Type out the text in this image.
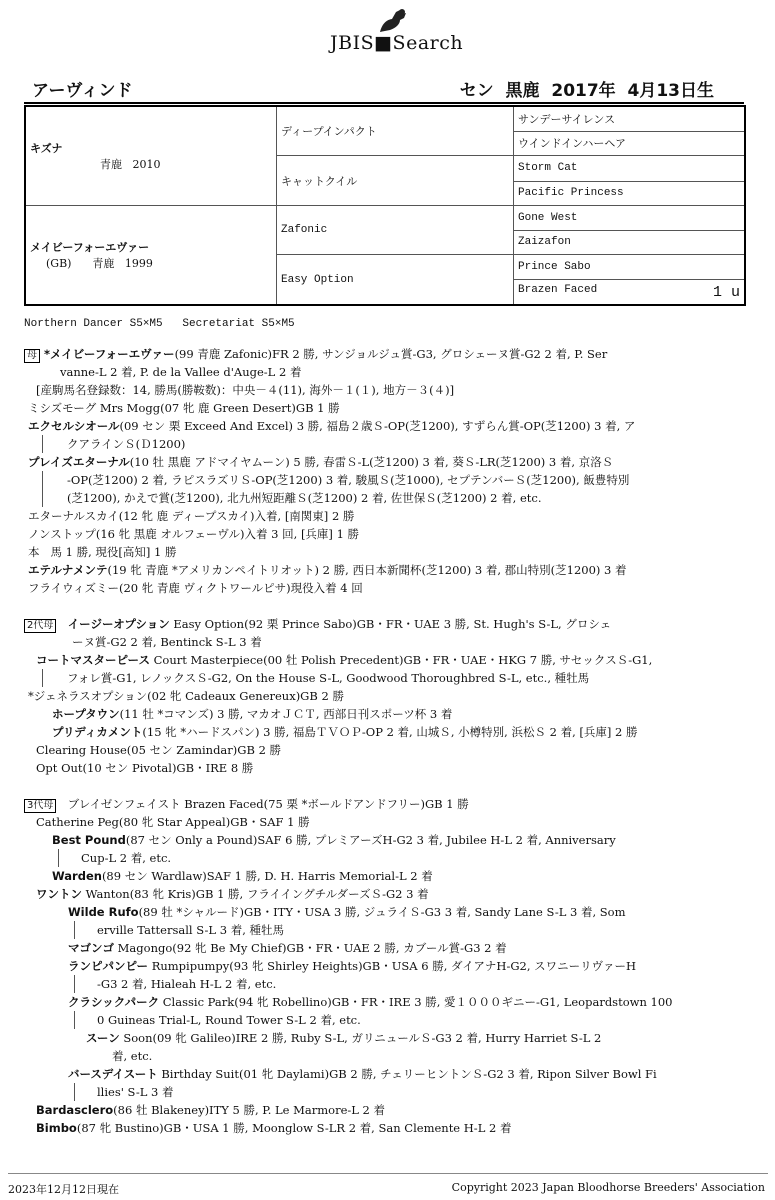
JBIS■Search
アーヴィンド	セン  黒鹿  2017年  4月13日生
キズナ
青鹿   2010	ディープインパクト	サンデーサイレンス
		ウインドインハーヘア
	キャットクイル	Storm Cat
		Pacific Princess

メイビーフォーエヴァー
(GB)      青鹿   1999	Zafonic	Gone West
		Zaizafon
	Easy Option	Prince Sabo
		Brazen Faced 1 u
Northern Dancer S5×M5   Secretariat S5×M5
母 *メイビーフォーエヴァー(99 青鹿 Zafonic)FR 2 勝, サンジョルジュ賞-G3, グロシェーヌ賞-G2 2 着, P. Ser
vanne-L 2 着, P. de la Vallee d'Auge-L 2 着
[産駒馬名登録数：14, 勝馬(勝鞍数)：中央－４(11), 海外－１(１), 地方－３(４)]
ミシズモーグ Mrs Mogg(07 牝 鹿 Green Desert)GB 1 勝
エクセルシオール(09 セン 栗 Exceed And Excel) 3 勝, 福島２歳Ｓ-OP(芝1200), すずらん賞-OP(芝1200) 3 着, ア
クアラインＳ(Ｄ1200)
プレイズエターナル(10 牡 黒鹿 アドマイヤムーン) 5 勝, 春雷Ｓ-L(芝1200) 3 着, 葵Ｓ-LR(芝1200) 3 着, 京洛Ｓ
-OP(芝1200) 2 着, ラピスラズリＳ-OP(芝1200) 3 着, 駿風Ｓ(芝1000), セプテンバーＳ(芝1200), 飯豊特別
(芝1200), かえで賞(芝1200), 北九州短距離Ｓ(芝1200) 2 着, 佐世保Ｓ(芝1200) 2 着, etc.
エターナルスカイ(12 牝 鹿 ディープスカイ)入着, [南関東] 2 勝
ノンストップ(16 牝 黒鹿 オルフェーヴル)入着 3 回, [兵庫] 1 勝
本   馬 1 勝, 現役[高知] 1 勝
エテルナメンテ(19 牝 青鹿 *アメリカンペイトリオット) 2 勝, 西日本新聞杯(芝1200) 3 着, 郡山特別(芝1200) 3 着
フライウィズミー(20 牝 青鹿 ヴィクトワールピサ)現役入着 4 回
2代母 イージーオプション Easy Option(92 栗 Prince Sabo)GB・FR・UAE 3 勝, St. Hugh's S-L, グロシェ
ーヌ賞-G2 2 着, Bentinck S-L 3 着
コートマスターピース Court Masterpiece(00 牡 Polish Precedent)GB・FR・UAE・HKG 7 勝, サセックスＳ-G1,
フォレ賞-G1, レノックスＳ-G2, On the House S-L, Goodwood Thoroughbred S-L, etc., 種牡馬
*ジェネラスオプション(02 牝 Cadeaux Genereux)GB 2 勝
ホープタウン(11 牡 *コマンズ) 3 勝, マカオＪＣＴ, 西部日刊スポーツ杯 3 着
プリディカメント(15 牝 *ハードスパン) 3 勝, 福島ＴＶＯＰ-OP 2 着, 山城Ｓ, 小樽特別, 浜松Ｓ 2 着, [兵庫] 2 勝
Clearing House(05 セン Zamindar)GB 2 勝
Opt Out(10 セン Pivotal)GB・IRE 8 勝
3代母 ブレイゼンフェイスト Brazen Faced(75 栗 *ボールドアンドフリー)GB 1 勝
Catherine Peg(80 牝 Star Appeal)GB・SAF 1 勝
Best Pound(87 セン Only a Pound)SAF 6 勝, プレミアーズH-G2 3 着, Jubilee H-L 2 着, Anniversary
Cup-L 2 着, etc.
Warden(89 セン Wardlaw)SAF 1 勝, D. H. Harris Memorial-L 2 着
ワントン Wanton(83 牝 Kris)GB 1 勝, フライイングチルダーズＳ-G2 3 着
Wilde Rufo(89 牡 *シャルード)GB・ITY・USA 3 勝, ジュライＳ-G3 3 着, Sandy Lane S-L 3 着, Som
erville Tattersall S-L 3 着, 種牡馬
マゴンゴ Magongo(92 牝 Be My Chief)GB・FR・UAE 2 勝, カブール賞-G3 2 着
ランピパンピー Rumpipumpy(93 牝 Shirley Heights)GB・USA 6 勝, ダイアナH-G2, スワニーリヴァーH
-G3 2 着, Hialeah H-L 2 着, etc.
クラシックパーク Classic Park(94 牝 Robellino)GB・FR・IRE 3 勝, 愛１０００ギニー-G1, Leopardstown 100
0 Guineas Trial-L, Round Tower S-L 2 着, etc.
スーン Soon(09 牝 Galileo)IRE 2 勝, Ruby S-L, ガリニュールＳ-G3 2 着, Hurry Harriet S-L 2
着, etc.
バースデイスート Birthday Suit(01 牝 Daylami)GB 2 勝, チェリーヒントンＳ-G2 3 着, Ripon Silver Bowl Fi
llies' S-L 3 着
Bardasclero(86 牡 Blakeney)ITY 5 勝, P. Le Marmore-L 2 着
Bimbo(87 牝 Bustino)GB・USA 1 勝, Moonglow S-LR 2 着, San Clemente H-L 2 着
2023年12月12日現在	Copyright 2023 Japan Bloodhorse Breeders' Association
